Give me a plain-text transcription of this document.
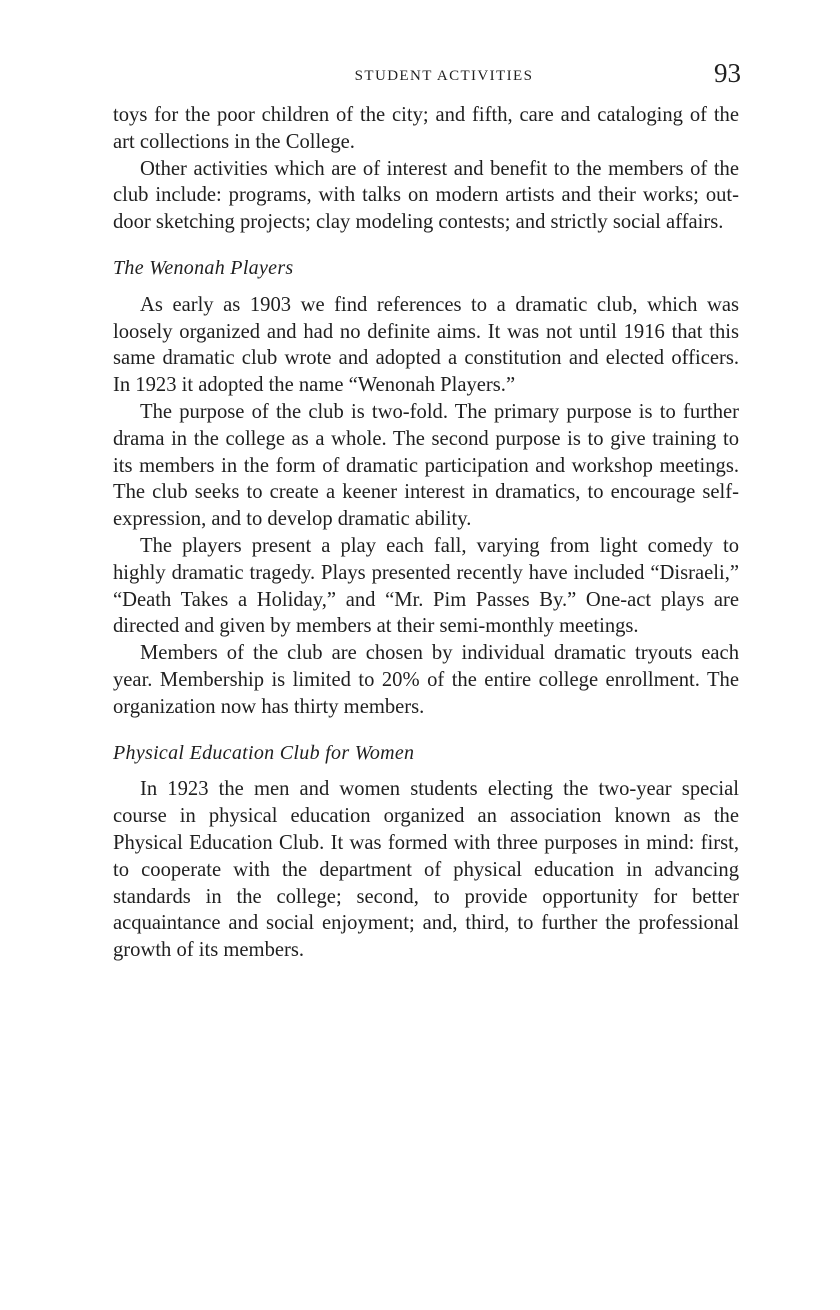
STUDENT ACTIVITIES	93

toys for the poor children of the city; and fifth, care and cataloging of the art collections in the College.

Other activities which are of interest and benefit to the members of the club include: programs, with talks on modern artists and their works; out-door sketching projects; clay modeling contests; and strictly social affairs.

The Wenonah Players

As early as 1903 we find references to a dramatic club, which was loosely organized and had no definite aims. It was not until 1916 that this same dramatic club wrote and adopted a constitution and elected officers. In 1923 it adopted the name “Wenonah Players.”

The purpose of the club is two-fold. The primary purpose is to further drama in the college as a whole. The second purpose is to give training to its members in the form of dramatic participation and workshop meetings. The club seeks to create a keener interest in dramatics, to encourage self-expression, and to develop dramatic ability.

The players present a play each fall, varying from light comedy to highly dramatic tragedy. Plays presented recently have included “Disraeli,” “Death Takes a Holiday,” and “Mr. Pim Passes By.” One-act plays are directed and given by members at their semi-monthly meetings.

Members of the club are chosen by individual dramatic tryouts each year. Membership is limited to 20% of the entire college enrollment. The organization now has thirty members.

Physical Education Club for Women

In 1923 the men and women students electing the two-year special course in physical education organized an association known as the Physical Education Club. It was formed with three purposes in mind: first, to cooperate with the department of physical education in advancing standards in the college; second, to provide opportunity for better acquaintance and social enjoyment; and, third, to further the professional growth of its members.
